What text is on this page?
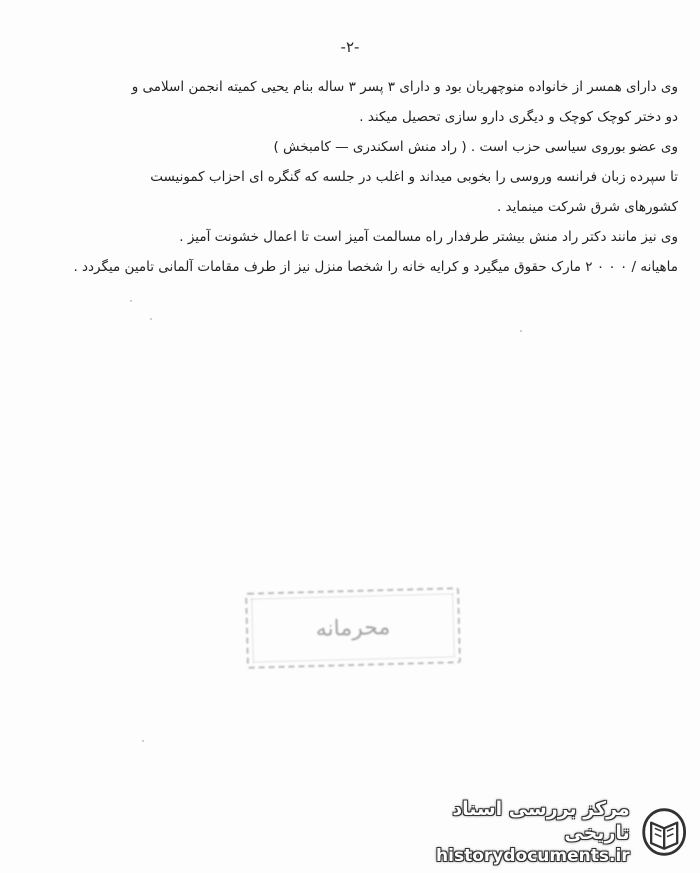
-۲-
وی دارای همسر از خانواده منوچهریان بود و دارای ۳ پسر ۳ ساله بنام یحیی کمیته انجمن اسلامی و
دو دختر کوچک کوچک و دیگری دارو سازی تحصیل میکند .
وی عضو بوروی سیاسی حزب است . ( راد منش اسکندری — کامبخش )
تا سپرده زبان فرانسه وروسی را بخوبی میداند و اغلب در جلسه که گنگره ای احزاب کمونیست
کشورهای شرق شرکت مینماید .
وی نیز مانند دکتر راد منش بیشتر طرفدار راه مسالمت آمیز است تا اعمال خشونت آمیز .
ماهیانه / ۰ ۰ ۰ ۲ مارک حقوق میگیرد و کرایه خانه را شخصا منزل نیز از طرف مقامات آلمانی تامین میگردد .
محرمانه
مرکز بررسی اسناد تاریخی
historydocuments.ir
